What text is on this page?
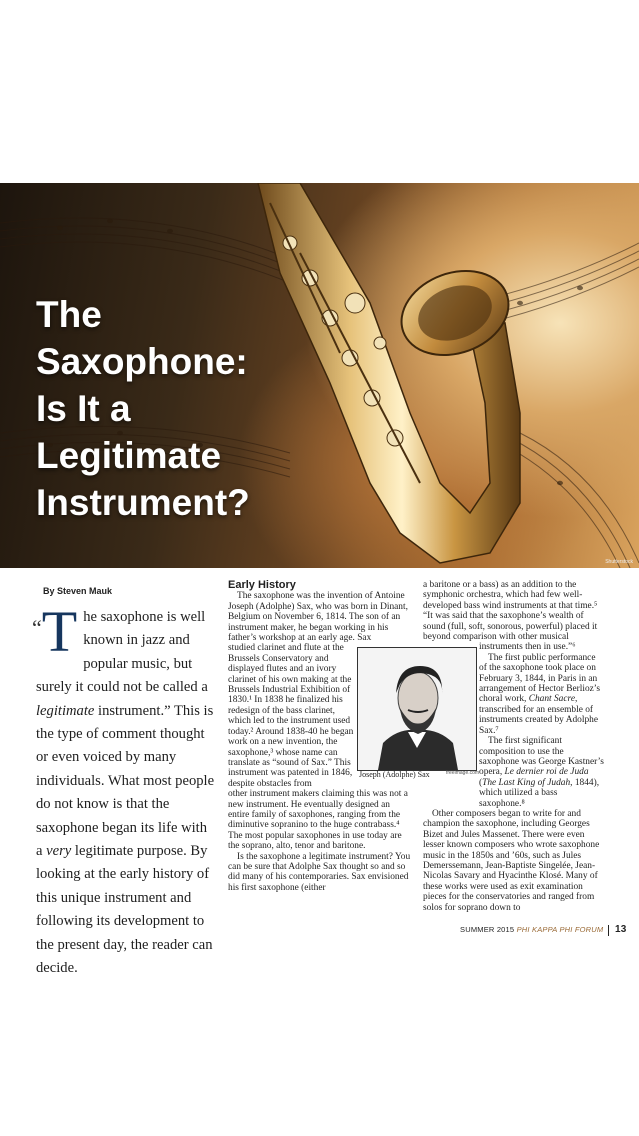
The
Saxophone:
Is It a
Legitimate
Instrument?
Shutterstock
By Steven Mauk
“T he saxophone is well known in jazz and popular music, but surely it could not be called a legitimate instrument.” This is the type of comment thought or even voiced by many individuals. What most people do not know is that the saxophone began its life with a very legitimate purpose. By looking at the early history of this unique instrument and following its development to the present day, the reader can decide.
Early History

The saxophone was the invention of Antoine Joseph (Adolphe) Sax, who was born in Dinant, Belgium on November 6, 1814. The son of an instrument maker, he began working in his father’s workshop at an early age. Sax

studied clarinet and flute at the Brussels Conservatory and displayed flutes and an ivory clarinet of his own making at the Brussels Industrial Exhibition of 1830.¹ In 1838 he finalized his redesign of the bass clarinet, which led to the instrument used today.² Around 1838-40 he began work on a new invention, the saxophone,³ whose name can translate as “sound of Sax.” This instrument was patented in 1846, despite obstacles from
other instrument makers claiming this was not a new instrument. He eventually designed an entire family of saxophones, ranging from the diminutive sopranino to the huge contrabass.⁴ The most popular saxophones in use today are the soprano, alto, tenor and baritone.

Is the saxophone a legitimate instrument? You can be sure that Adolphe Sax thought so and so did many of his contemporaries. Sax envisioned his first saxophone (either

Joseph (Adolphe) Sax	freeimage.com
a baritone or a bass) as an addition to the symphonic orchestra, which had few well-developed bass wind instruments at that time.⁵ “It was said that the saxophone’s wealth of sound (full, soft, sonorous, powerful) placed it beyond comparison with other musical
instruments then in use.”⁶

The first public performance of the saxophone took place on February 3, 1844, in Paris in an arrangement of Hector Berlioz’s choral work, Chant Sacre, transcribed for an ensemble of instruments created by Adolphe Sax.⁷

The first significant composition to use the saxophone was George Kastner’s opera, Le dernier roi de Juda (The Last King of Judah, 1844), which utilized a bass saxophone.⁸

Other composers began to write for and champion the saxophone, including Georges Bizet and Jules Massenet. There were even lesser known composers who wrote saxophone music in the 1850s and ’60s, such as Jules Demerssemann, Jean-Baptiste Singelée, Jean-Nicolas Savary and Hyacinthe Klosé. Many of these works were used as exit examination pieces for the conservatories and ranged from solos for soprano down to

SUMMER 2015 PHI KAPPA PHI FORUM 13
